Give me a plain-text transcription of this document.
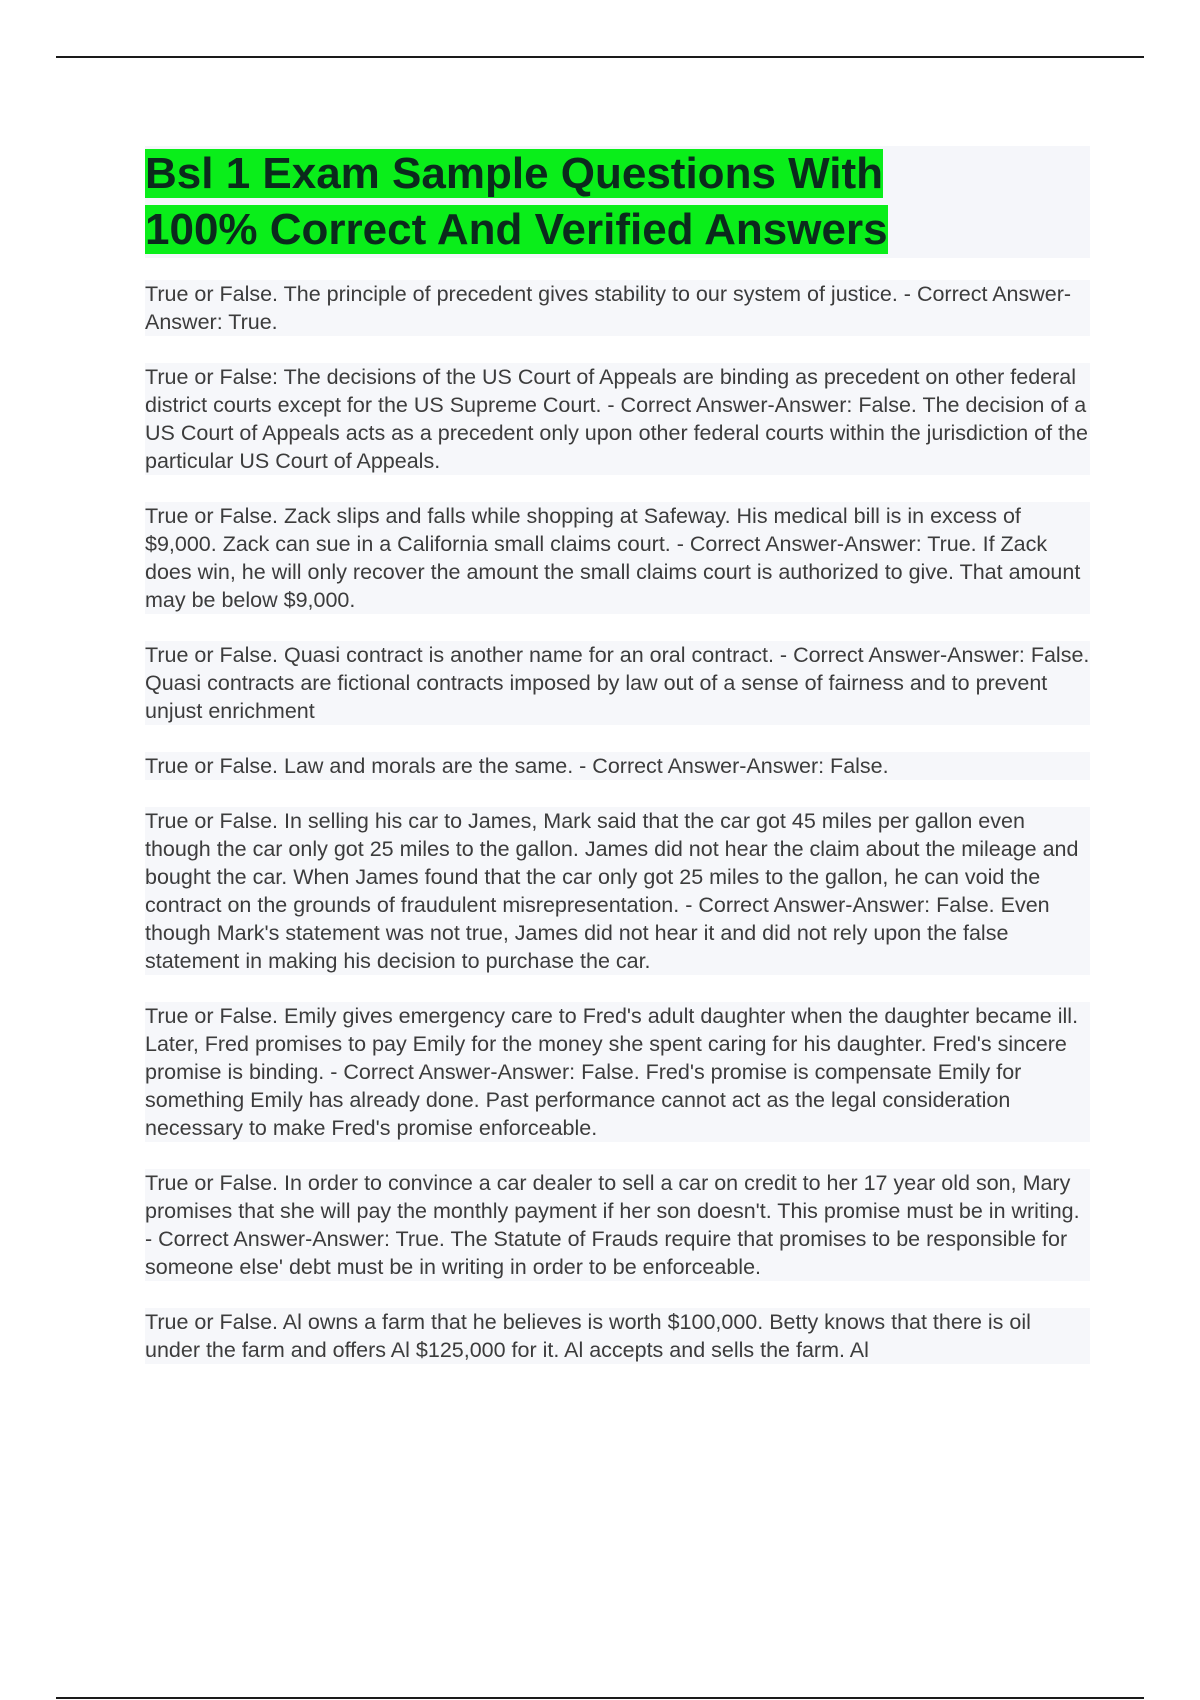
Bsl 1 Exam Sample Questions With
100% Correct And Verified Answers

True or False. The principle of precedent gives stability to our system of justice. - Correct Answer-Answer: True.

True or False: The decisions of the US Court of Appeals are binding as precedent on other federal district courts except for the US Supreme Court. - Correct Answer-Answer: False. The decision of a US Court of Appeals acts as a precedent only upon other federal courts within the jurisdiction of the particular US Court of Appeals.

True or False. Zack slips and falls while shopping at Safeway. His medical bill is in excess of $9,000. Zack can sue in a California small claims court. - Correct Answer-Answer: True. If Zack does win, he will only recover the amount the small claims court is authorized to give. That amount may be below $9,000.

True or False. Quasi contract is another name for an oral contract. - Correct Answer-Answer: False. Quasi contracts are fictional contracts imposed by law out of a sense of fairness and to prevent unjust enrichment

True or False. Law and morals are the same. - Correct Answer-Answer: False.

True or False. In selling his car to James, Mark said that the car got 45 miles per gallon even though the car only got 25 miles to the gallon. James did not hear the claim about the mileage and bought the car. When James found that the car only got 25 miles to the gallon, he can void the contract on the grounds of fraudulent misrepresentation. - Correct Answer-Answer: False. Even though Mark's statement was not true, James did not hear it and did not rely upon the false statement in making his decision to purchase the car.

True or False. Emily gives emergency care to Fred's adult daughter when the daughter became ill. Later, Fred promises to pay Emily for the money she spent caring for his daughter. Fred's sincere promise is binding. - Correct Answer-Answer: False. Fred's promise is compensate Emily for something Emily has already done. Past performance cannot act as the legal consideration necessary to make Fred's promise enforceable.

True or False. In order to convince a car dealer to sell a car on credit to her 17 year old son, Mary promises that she will pay the monthly payment if her son doesn't. This promise must be in writing. - Correct Answer-Answer: True. The Statute of Frauds require that promises to be responsible for someone else' debt must be in writing in order to be enforceable.

True or False. Al owns a farm that he believes is worth $100,000. Betty knows that there is oil under the farm and offers Al $125,000 for it. Al accepts and sells the farm. Al
